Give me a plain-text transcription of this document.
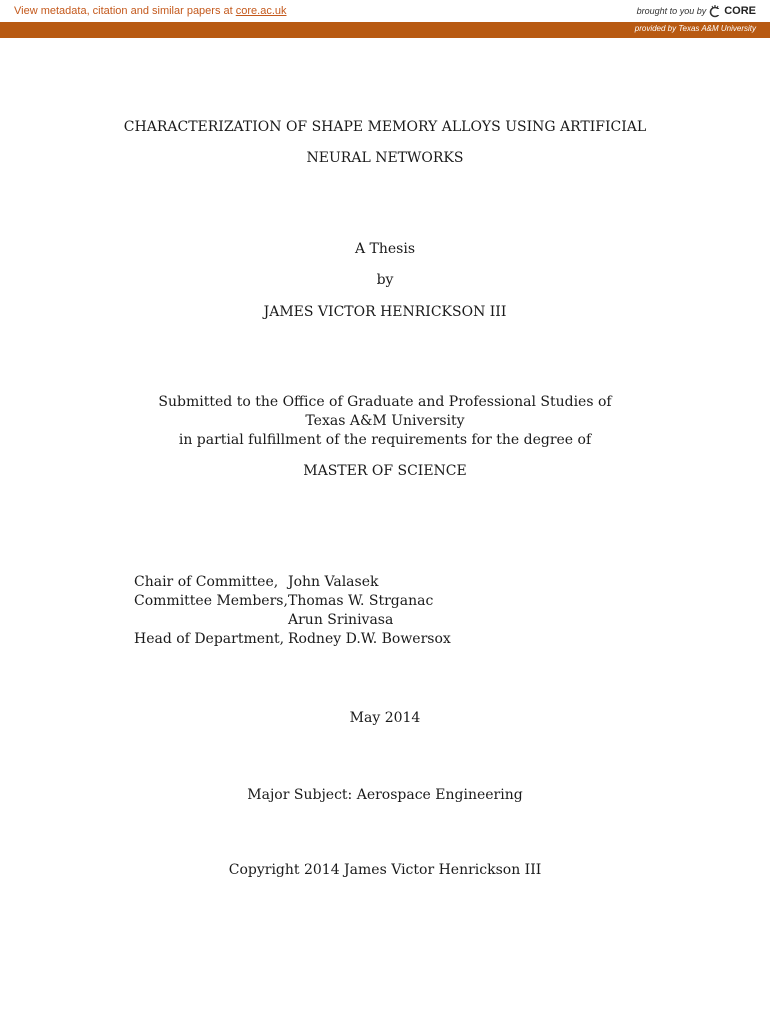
View metadata, citation and similar papers at core.ac.uk	brought to you by CORE
provided by Texas A&M University
CHARACTERIZATION OF SHAPE MEMORY ALLOYS USING ARTIFICIAL
NEURAL NETWORKS
A Thesis
by
JAMES VICTOR HENRICKSON III
Submitted to the Office of Graduate and Professional Studies of
Texas A&M University
in partial fulfillment of the requirements for the degree of
MASTER OF SCIENCE
Chair of Committee, John Valasek
Committee Members, Thomas W. Strganac
Arun Srinivasa
Head of Department, Rodney D.W. Bowersox
May 2014
Major Subject: Aerospace Engineering
Copyright 2014 James Victor Henrickson III
